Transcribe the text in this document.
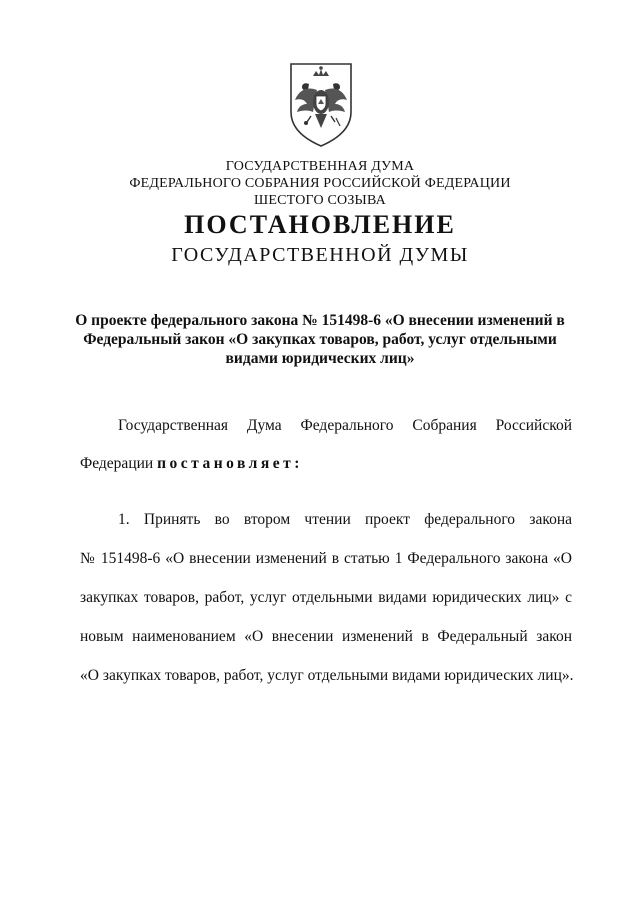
ГОСУДАРСТВЕННАЯ ДУМА
ФЕДЕРАЛЬНОГО СОБРАНИЯ РОССИЙСКОЙ ФЕДЕРАЦИИ
ШЕСТОГО СОЗЫВА
ПОСТАНОВЛЕНИЕ
ГОСУДАРСТВЕННОЙ ДУМЫ
О проекте федерального закона № 151498-6 «О внесении изменений в
Федеральный закон «О закупках товаров, работ, услуг отдельными
видами юридических лиц»
Государственная Дума Федерального Собрания Российской
Федерации постановляет:
1. Принять во втором чтении проект федерального закона
№ 151498-6 «О внесении изменений в статью 1 Федерального закона «О
закупках товаров, работ, услуг отдельными видами юридических лиц» с
новым наименованием «О внесении изменений в Федеральный закон
«О закупках товаров, работ, услуг отдельными видами юридических лиц».
